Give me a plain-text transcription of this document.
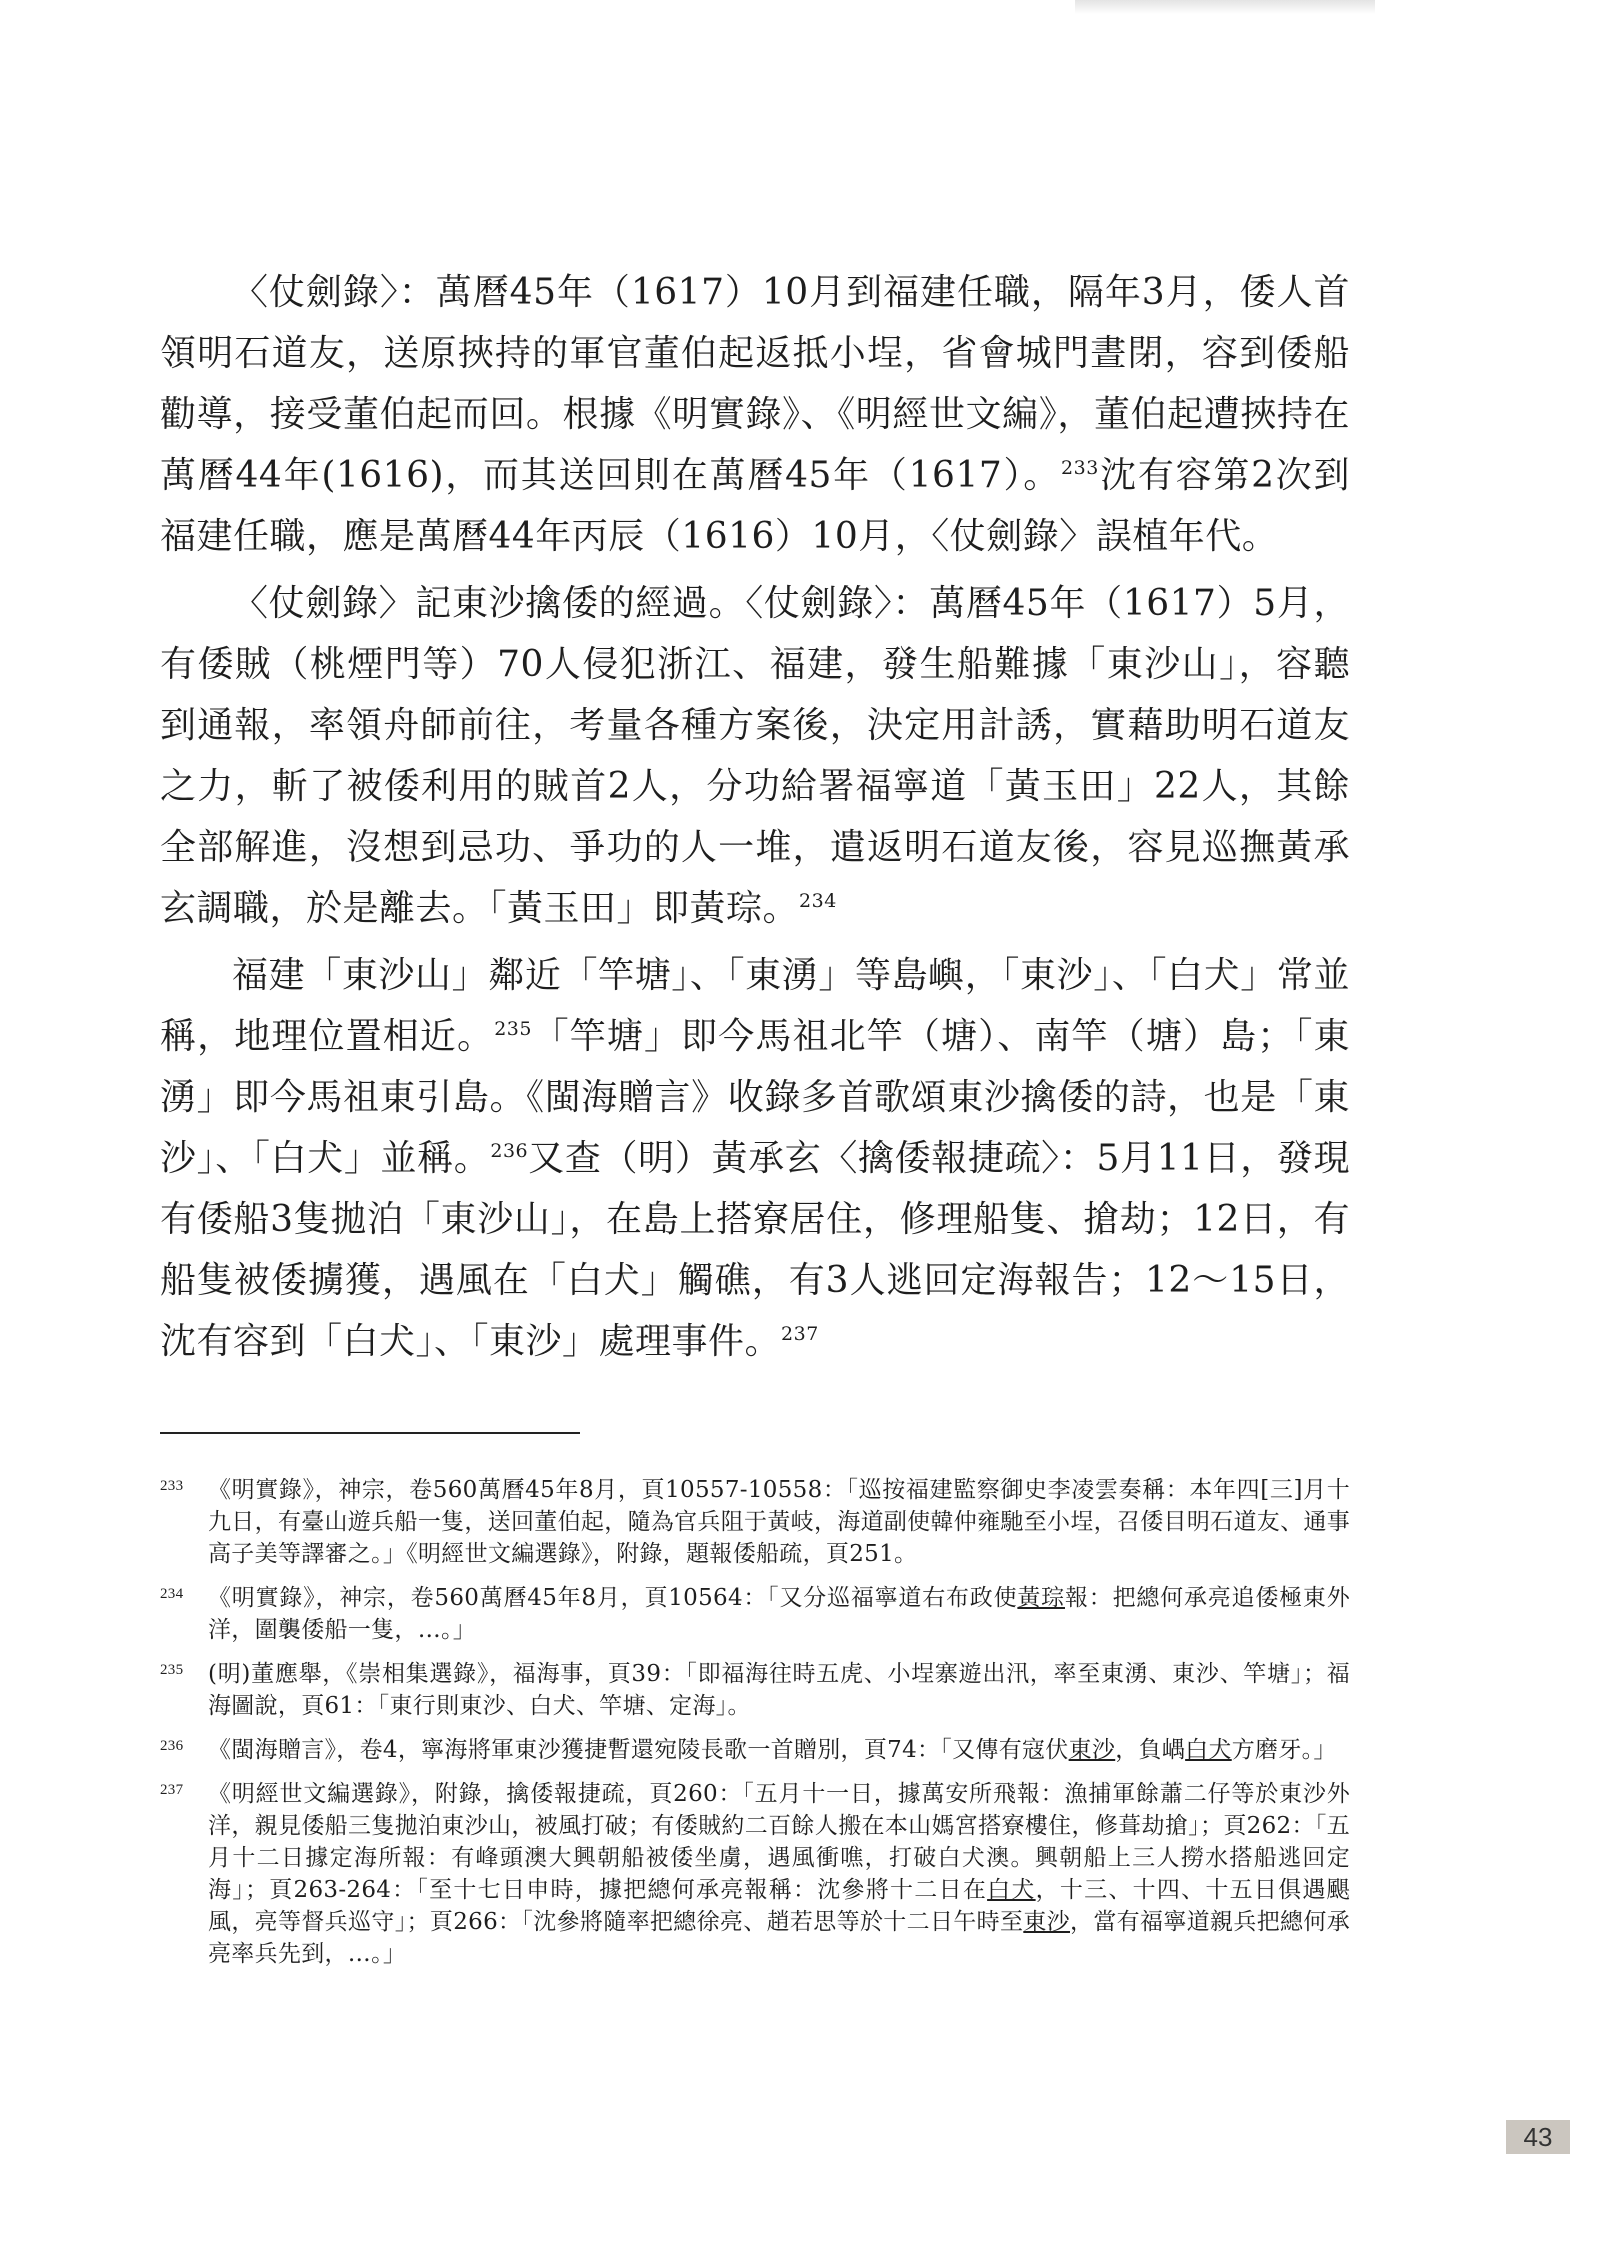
〈仗劍錄〉：萬曆45年（1617）10月到福建任職，隔年3月，倭人首領明石道友，送原挾持的軍官董伯起返抵小埕，省會城門晝閉，容到倭船勸導，接受董伯起而回。根據《明實錄》、《明經世文編》，董伯起遭挾持在萬曆44年(1616)，而其送回則在萬曆45年（1617）。$^{233}$沈有容第2次到福建任職，應是萬曆44年丙辰（1616）10月，〈仗劍錄〉誤植年代。

〈仗劍錄〉記東沙擒倭的經過。〈仗劍錄〉：萬曆45年（1617）5月，有倭賊（桃煙門等）70人侵犯浙江、福建，發生船難據「東沙山」，容聽到通報，率領舟師前往，考量各種方案後，決定用計誘，實藉助明石道友之力，斬了被倭利用的賊首2人，分功給署福寧道「黃玉田」22人，其餘全部解進，沒想到忌功、爭功的人一堆，遣返明石道友後，容見巡撫黃承玄調職，於是離去。「黃玉田」即黃琮。$^{234}$

福建「東沙山」鄰近「竿塘」、「東湧」等島嶼，「東沙」、「白犬」常並稱，地理位置相近。$^{235}$「竿塘」即今馬祖北竿（塘）、南竿（塘）島；「東湧」即今馬祖東引島。《閩海贈言》收錄多首歌頌東沙擒倭的詩，也是「東沙」、「白犬」並稱。$^{236}$又查（明）黃承玄〈擒倭報捷疏〉：5月11日，發現有倭船3隻拋泊「東沙山」，在島上搭寮居住，修理船隻、搶劫；12日，有船隻被倭擄獲，遇風在「白犬」觸礁，有3人逃回定海報告；12～15日，沈有容到「白犬」、「東沙」處理事件。$^{237}$

233 《明實錄》，神宗，卷560萬曆45年8月，頁10557-10558：「巡按福建監察御史李凌雲奏稱：本年四[三]月十九日，有臺山遊兵船一隻，送回董伯起，隨為官兵阻于黃岐，海道副使韓仲雍馳至小埕，召倭目明石道友、通事高子美等譯審之。」《明經世文編選錄》，附錄，題報倭船疏，頁251。
234 《明實錄》，神宗，卷560萬曆45年8月，頁10564：「又分巡福寧道右布政使黃琮報：把總何承亮追倭極東外洋，圍襲倭船一隻，…。」
235 (明)董應舉，《崇相集選錄》，福海事，頁39：「即福海往時五虎、小埕寨遊出汛，率至東湧、東沙、竿塘」；福海圖說，頁61：「東行則東沙、白犬、竿塘、定海」。
236 《閩海贈言》，卷4，寧海將軍東沙獲捷暫還宛陵長歌一首贈別，頁74：「又傳有寇伏東沙，負嵎白犬方磨牙。」
237 《明經世文編選錄》，附錄，擒倭報捷疏，頁260：「五月十一日，據萬安所飛報：漁捕軍餘蕭二仔等於東沙外洋，親見倭船三隻拋泊東沙山，被風打破；有倭賊約二百餘人搬在本山媽宮搭寮樓住，修葺劫搶」；頁262：「五月十二日據定海所報：有峰頭澳大興朝船被倭坐虜，遇風衝噍，打破白犬澳。興朝船上三人撈水搭船逃回定海」；頁263-264：「至十七日申時，據把總何承亮報稱：沈參將十二日在白犬，十三、十四、十五日俱遇颶風，亮等督兵巡守」；頁266：「沈參將隨率把總徐亮、趙若思等於十二日午時至東沙，當有福寧道親兵把總何承亮率兵先到，…。」
43
